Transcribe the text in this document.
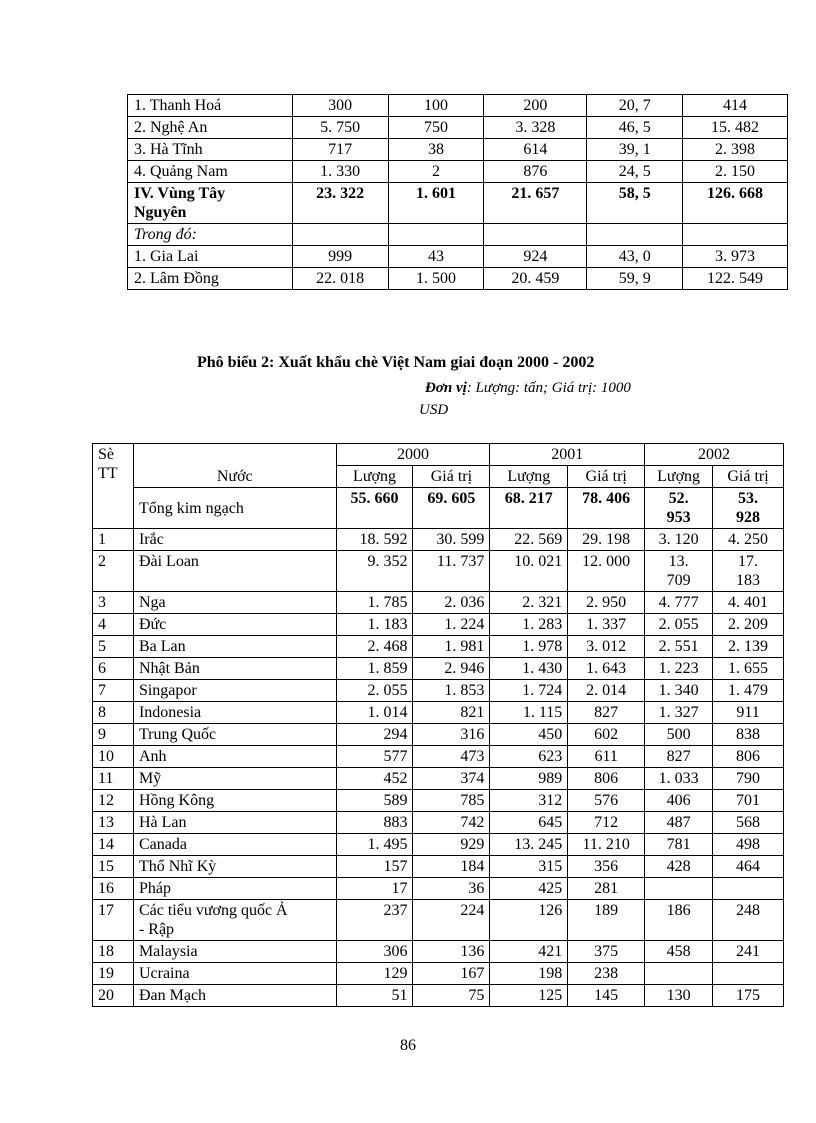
1. Thanh Hoá	300	100	200	20, 7	414
2. Nghệ An	5. 750	750	3. 328	46, 5	15. 482
3. Hà Tĩnh	717	38	614	39, 1	2. 398
4. Quảng Nam	1. 330	2	876	24, 5	2. 150
IV. Vùng Tây
Nguyên	23. 322	1. 601	21. 657	58, 5	126. 668
Trong đó:					
1. Gia Lai	999	43	924	43, 0	3. 973
2. Lâm Đồng	22. 018	1. 500	20. 459	59, 9	122. 549
Phô biểu 2: Xuất khẩu chè Việt Nam giai đoạn 2000 - 2002
Đơn vị: Lượng: tấn; Giá trị: 1000
USD
Sè
TT	Nước	2000		2001		2002	
		Lượng	Giá trị	Lượng	Giá trị	Lượng	Giá trị
	Tổng kim ngạch	55. 660	69. 605	68. 217	78. 406	52.
953	53.
928
1	Irắc	18. 592	30. 599	22. 569	29. 198	3. 120	4. 250
2	Đài Loan	9. 352	11. 737	10. 021	12. 000	13.
709	17.
183
3	Nga	1. 785	2. 036	2. 321	2. 950	4. 777	4. 401
4	Đức	1. 183	1. 224	1. 283	1. 337	2. 055	2. 209
5	Ba Lan	2. 468	1. 981	1. 978	3. 012	2. 551	2. 139
6	Nhật Bản	1. 859	2. 946	1. 430	1. 643	1. 223	1. 655
7	Singapor	2. 055	1. 853	1. 724	2. 014	1. 340	1. 479
8	Indonesia	1. 014	821	1. 115	827	1. 327	911
9	Trung Quốc	294	316	450	602	500	838
10	Anh	577	473	623	611	827	806
11	Mỹ	452	374	989	806	1. 033	790
12	Hồng Kông	589	785	312	576	406	701
13	Hà Lan	883	742	645	712	487	568
14	Canada	1. 495	929	13. 245	11. 210	781	498
15	Thổ Nhĩ Kỳ	157	184	315	356	428	464
16	Pháp	17	36	425	281		
17	Các tiểu vương quốc Ả
- Rập	237	224	126	189	186	248
18	Malaysia	306	136	421	375	458	241
19	Ucraina	129	167	198	238		
20	Đan Mạch	51	75	125	145	130	175
86
